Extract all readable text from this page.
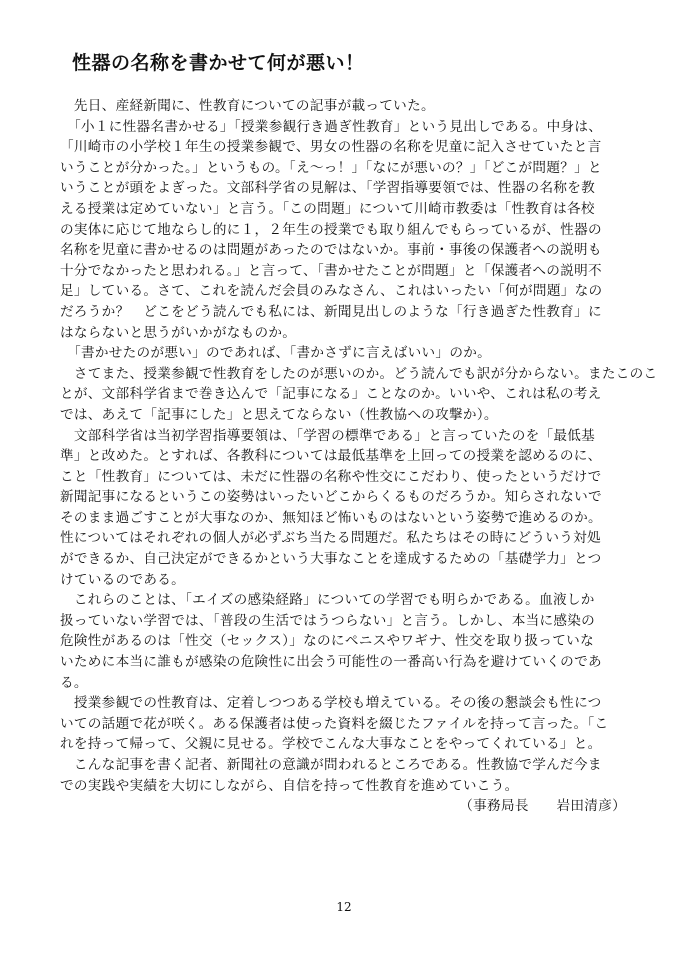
性器の名称を書かせて何が悪い！
　先日、産経新聞に、性教育についての記事が載っていた。
　「小１に性器名書かせる」「授業参観行き過ぎ性教育」という見出しである。中身は、
「川崎市の小学校１年生の授業参観で、男女の性器の名称を児童に記入させていたと言
いうことが分かった。」というもの。「え～っ！」「なにが悪いの？」「どこが問題？」と
いうことが頭をよぎった。文部科学省の見解は、「学習指導要領では、性器の名称を教
える授業は定めていない」と言う。「この問題」について川崎市教委は「性教育は各校
の実体に応じて地ならし的に１，２年生の授業でも取り組んでもらっているが、性器の
名称を児童に書かせるのは問題があったのではないか。事前・事後の保護者への説明も
十分でなかったと思われる。」と言って、「書かせたことが問題」と「保護者への説明不
足」している。さて、これを読んだ会員のみなさん、これはいったい「何が問題」なの
だろうか？　どこをどう読んでも私には、新聞見出しのような「行き過ぎた性教育」に
はならないと思うがいかがなものか。
　「書かせたのが悪い」のであれば、「書かさずに言えばいい」のか。
　さてまた、授業参観で性教育をしたのが悪いのか。どう読んでも訳が分からない。またこのこ
とが、文部科学省まで巻き込んで「記事になる」ことなのか。いいや、これは私の考え
では、あえて「記事にした」と思えてならない（性教協への攻撃か）。
　文部科学省は当初学習指導要領は、「学習の標準である」と言っていたのを「最低基
準」と改めた。とすれば、各教科については最低基準を上回っての授業を認めるのに、
こと「性教育」については、未だに性器の名称や性交にこだわり、使ったというだけで
新聞記事になるというこの姿勢はいったいどこからくるものだろうか。知らされないで
そのまま過ごすことが大事なのか、無知ほど怖いものはないという姿勢で進めるのか。
性についてはそれぞれの個人が必ずぶち当たる問題だ。私たちはその時にどういう対処
ができるか、自己決定ができるかという大事なことを達成するための「基礎学力」とつ
けているのである。
　これらのことは、「エイズの感染経路」についての学習でも明らかである。血液しか
扱っていない学習では、「普段の生活ではうつらない」と言う。しかし、本当に感染の
危険性があるのは「性交（セックス）」なのにペニスやワギナ、性交を取り扱っていな
いために本当に誰もが感染の危険性に出会う可能性の一番高い行為を避けていくのであ
る。
　授業参観での性教育は、定着しつつある学校も増えている。その後の懇談会も性につ
いての話題で花が咲く。ある保護者は使った資料を綴じたファイルを持って言った。「こ
れを持って帰って、父親に見せる。学校でこんな大事なことをやってくれている」と。
　こんな記事を書く記者、新聞社の意識が問われるところである。性教協で学んだ今ま
での実践や実績を大切にしながら、自信を持って性教育を進めていこう。
（事務局長　　岩田清彦）
12
